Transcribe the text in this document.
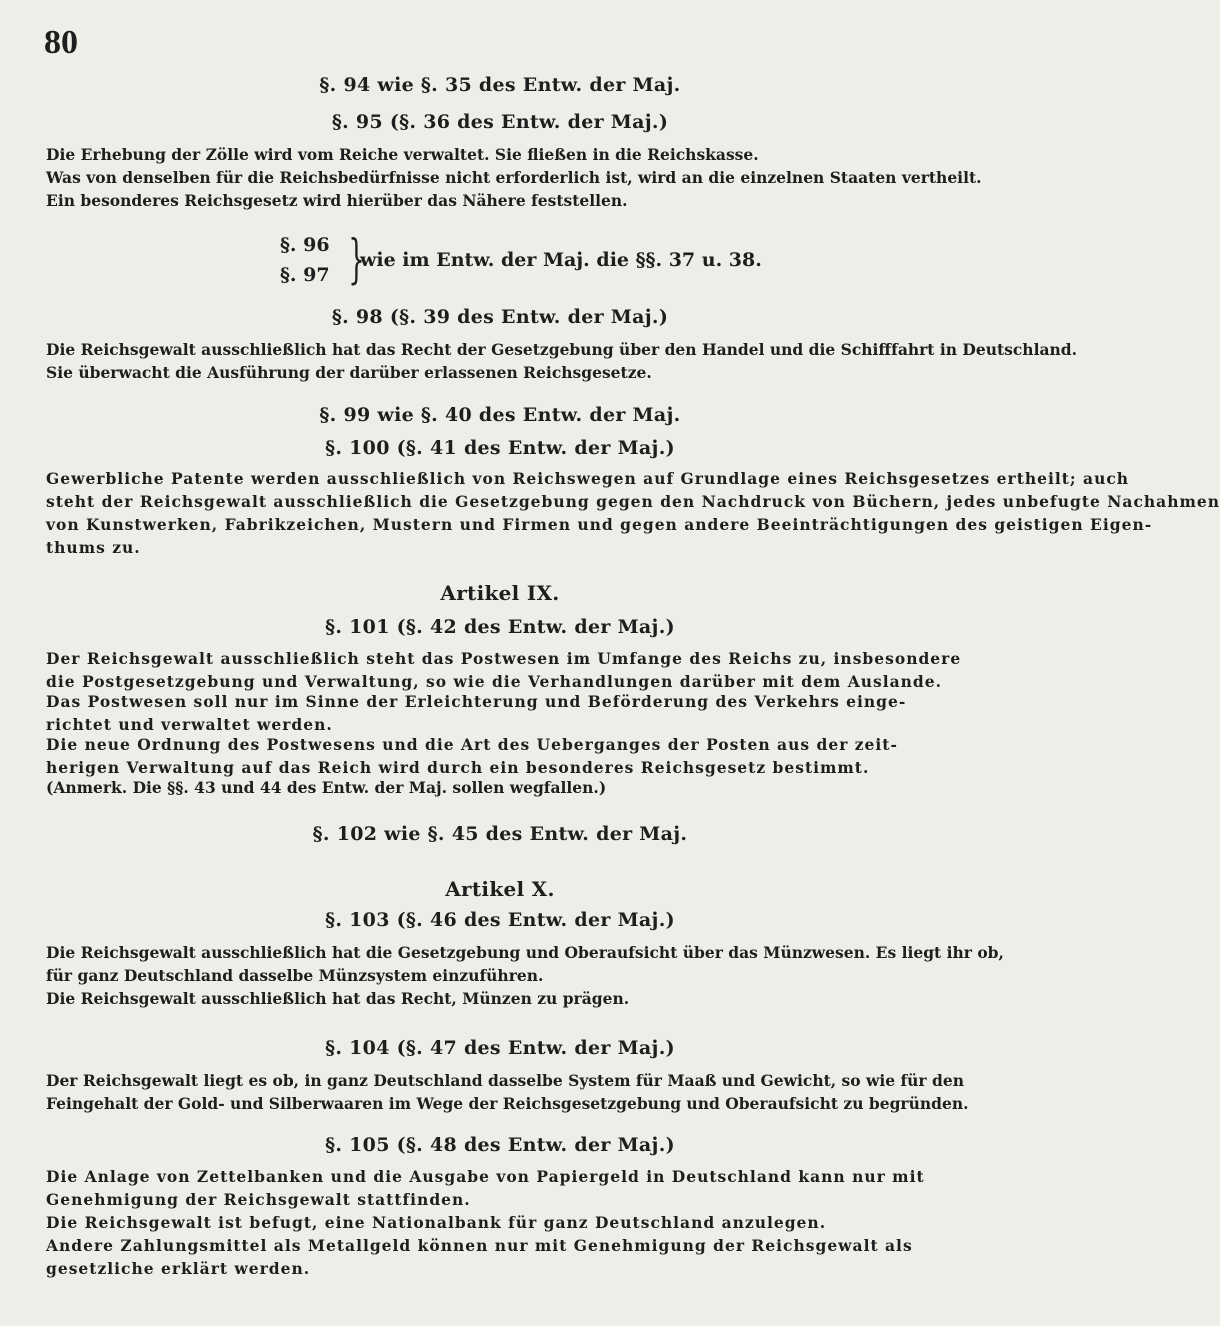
80
§. 94 wie §. 35 des Entw. der Maj.
§. 95 (§. 36 des Entw. der Maj.)
Die Erhebung der Zölle wird vom Reiche verwaltet. Sie fließen in die Reichskasse.
Was von denselben für die Reichsbedürfnisse nicht erforderlich ist, wird an die einzelnen Staaten vertheilt.
Ein besonderes Reichsgesetz wird hierüber das Nähere feststellen.
§. 96
§. 97 }
wie im Entw. der Maj. die §§. 37 u. 38.
§. 98 (§. 39 des Entw. der Maj.)
Die Reichsgewalt ausschließlich hat das Recht der Gesetzgebung über den Handel und die Schifffahrt in Deutschland.
Sie überwacht die Ausführung der darüber erlassenen Reichsgesetze.
§. 99 wie §. 40 des Entw. der Maj.
§. 100 (§. 41 des Entw. der Maj.)
Gewerbliche Patente werden ausschließlich von Reichswegen auf Grundlage eines Reichsgesetzes ertheilt; auch
steht der Reichsgewalt ausschließlich die Gesetzgebung gegen den Nachdruck von Büchern, jedes unbefugte Nachahmen
von Kunstwerken, Fabrikzeichen, Mustern und Firmen und gegen andere Beeinträchtigungen des geistigen Eigen-
thums zu.
Artikel IX.
§. 101 (§. 42 des Entw. der Maj.)
Der Reichsgewalt ausschließlich steht das Postwesen im Umfange des Reichs zu, insbesondere
die Postgesetzgebung und Verwaltung, so wie die Verhandlungen darüber mit dem Auslande.
Das Postwesen soll nur im Sinne der Erleichterung und Beförderung des Verkehrs einge-
richtet und verwaltet werden.
Die neue Ordnung des Postwesens und die Art des Ueberganges der Posten aus der zeit-
herigen Verwaltung auf das Reich wird durch ein besonderes Reichsgesetz bestimmt.
(Anmerk. Die §§. 43 und 44 des Entw. der Maj. sollen wegfallen.)
§. 102 wie §. 45 des Entw. der Maj.
Artikel X.
§. 103 (§. 46 des Entw. der Maj.)
Die Reichsgewalt ausschließlich hat die Gesetzgebung und Oberaufsicht über das Münzwesen. Es liegt ihr ob,
für ganz Deutschland dasselbe Münzsystem einzuführen.
Die Reichsgewalt ausschließlich hat das Recht, Münzen zu prägen.
§. 104 (§. 47 des Entw. der Maj.)
Der Reichsgewalt liegt es ob, in ganz Deutschland dasselbe System für Maaß und Gewicht, so wie für den
Feingehalt der Gold- und Silberwaaren im Wege der Reichsgesetzgebung und Oberaufsicht zu begründen.
§. 105 (§. 48 des Entw. der Maj.)
Die Anlage von Zettelbanken und die Ausgabe von Papiergeld in Deutschland kann nur mit
Genehmigung der Reichsgewalt stattfinden.
Die Reichsgewalt ist befugt, eine Nationalbank für ganz Deutschland anzulegen.
Andere Zahlungsmittel als Metallgeld können nur mit Genehmigung der Reichsgewalt als
gesetzliche erklärt werden.
